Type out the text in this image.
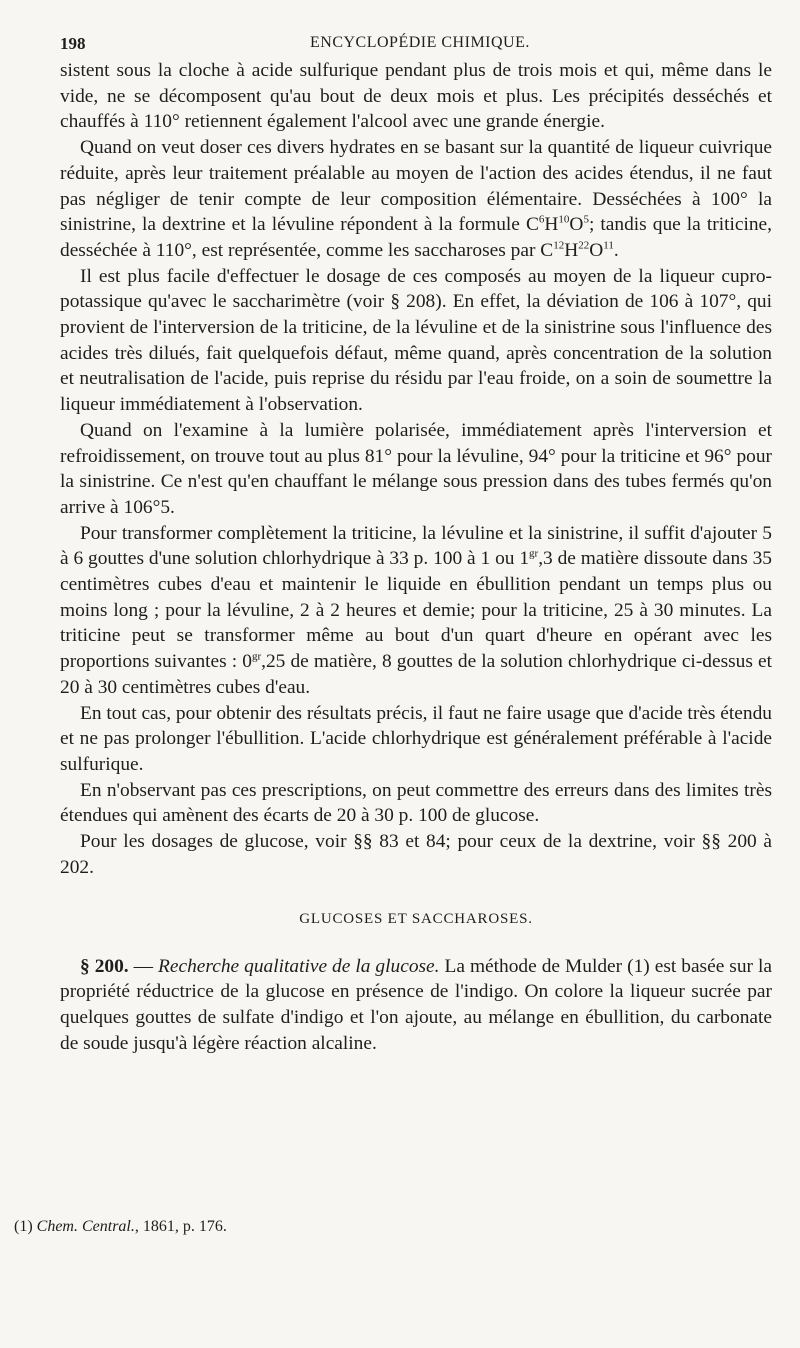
198	ENCYCLOPÉDIE CHIMIQUE.

sistent sous la cloche à acide sulfurique pendant plus de trois mois et qui, même dans le vide, ne se décomposent qu'au bout de deux mois et plus. Les précipités desséchés et chauffés à 110° retiennent également l'alcool avec une grande énergie.

Quand on veut doser ces divers hydrates en se basant sur la quantité de liqueur cuivrique réduite, après leur traitement préalable au moyen de l'action des acides étendus, il ne faut pas négliger de tenir compte de leur composition élémentaire. Desséchées à 100° la sinistrine, la dextrine et la lévuline répondent à la formule $C^6H^{10}O^5$; tandis que la triticine, desséchée à 110°, est représentée, comme les saccharoses par $C^{12}H^{22}O^{11}$.

Il est plus facile d'effectuer le dosage de ces composés au moyen de la liqueur cupro-potassique qu'avec le saccharimètre (voir § 208). En effet, la déviation de 106 à 107°, qui provient de l'interversion de la triticine, de la lévuline et de la sinistrine sous l'influence des acides très dilués, fait quelquefois défaut, même quand, après concentration de la solution et neutralisation de l'acide, puis reprise du résidu par l'eau froide, on a soin de soumettre la liqueur immédiatement à l'observation.

Quand on l'examine à la lumière polarisée, immédiatement après l'interversion et refroidissement, on trouve tout au plus 81° pour la lévuline, 94° pour la triticine et 96° pour la sinistrine. Ce n'est qu'en chauffant le mélange sous pression dans des tubes fermés qu'on arrive à 106°5.

Pour transformer complètement la triticine, la lévuline et la sinistrine, il suffit d'ajouter 5 à 6 gouttes d'une solution chlorhydrique à 33 p. 100 à 1 ou $1^{gr},3$ de matière dissoute dans 35 centimètres cubes d'eau et maintenir le liquide en ébullition pendant un temps plus ou moins long ; pour la lévuline, 2 à 2 heures et demie; pour la triticine, 25 à 30 minutes. La triticine peut se transformer même au bout d'un quart d'heure en opérant avec les proportions suivantes : $0^{gr},25$ de matière, 8 gouttes de la solution chlorhydrique ci-dessus et 20 à 30 centimètres cubes d'eau.

En tout cas, pour obtenir des résultats précis, il faut ne faire usage que d'acide très étendu et ne pas prolonger l'ébullition. L'acide chlorhydrique est généralement préférable à l'acide sulfurique.

En n'observant pas ces prescriptions, on peut commettre des erreurs dans des limites très étendues qui amènent des écarts de 20 à 30 p. 100 de glucose.

Pour les dosages de glucose, voir §§ 83 et 84; pour ceux de la dextrine, voir §§ 200 à 202.

GLUCOSES ET SACCHAROSES.

§ 200. — Recherche qualitative de la glucose. La méthode de Mulder (1) est basée sur la propriété réductrice de la glucose en présence de l'indigo. On colore la liqueur sucrée par quelques gouttes de sulfate d'indigo et l'on ajoute, au mélange en ébullition, du carbonate de soude jusqu'à légère réaction alcaline.

(1) Chem. Central., 1861, p. 176.
